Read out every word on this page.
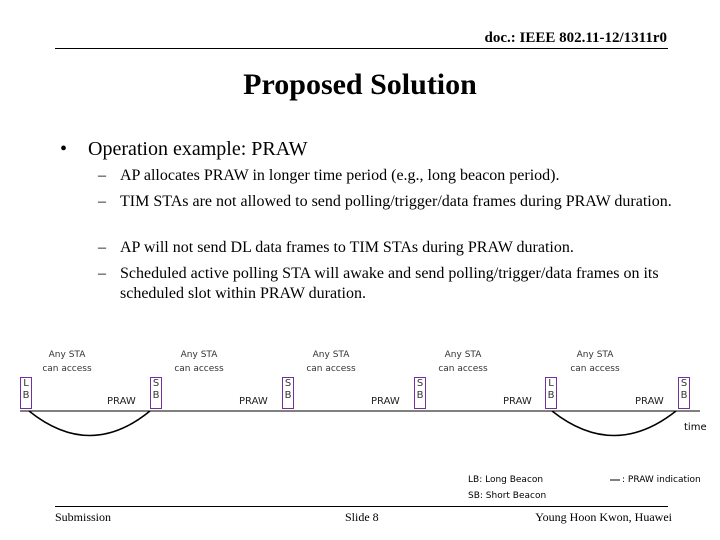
doc.: IEEE 802.11-12/1311r0
Proposed Solution
• Operation example: PRAW
– AP allocates PRAW in longer time period (e.g., long beacon period).
– TIM STAs are not allowed to send polling/trigger/data frames during PRAW duration.
– AP will not send DL data frames to TIM STAs during PRAW duration.
– Scheduled active polling STA will awake and send polling/trigger/data frames on its scheduled slot within PRAW duration.
Any STA
can access
Any STA
can access
Any STA
can access
Any STA
can access
Any STA
can access
L
B
L
B
S
B
S
B
S
B
S
B
PRAW	PRAW	PRAW	PRAW	PRAW
time
LB: Long Beacon
SB: Short Beacon
: PRAW indication
Submission	Slide 8	Young Hoon Kwon, Huawei
